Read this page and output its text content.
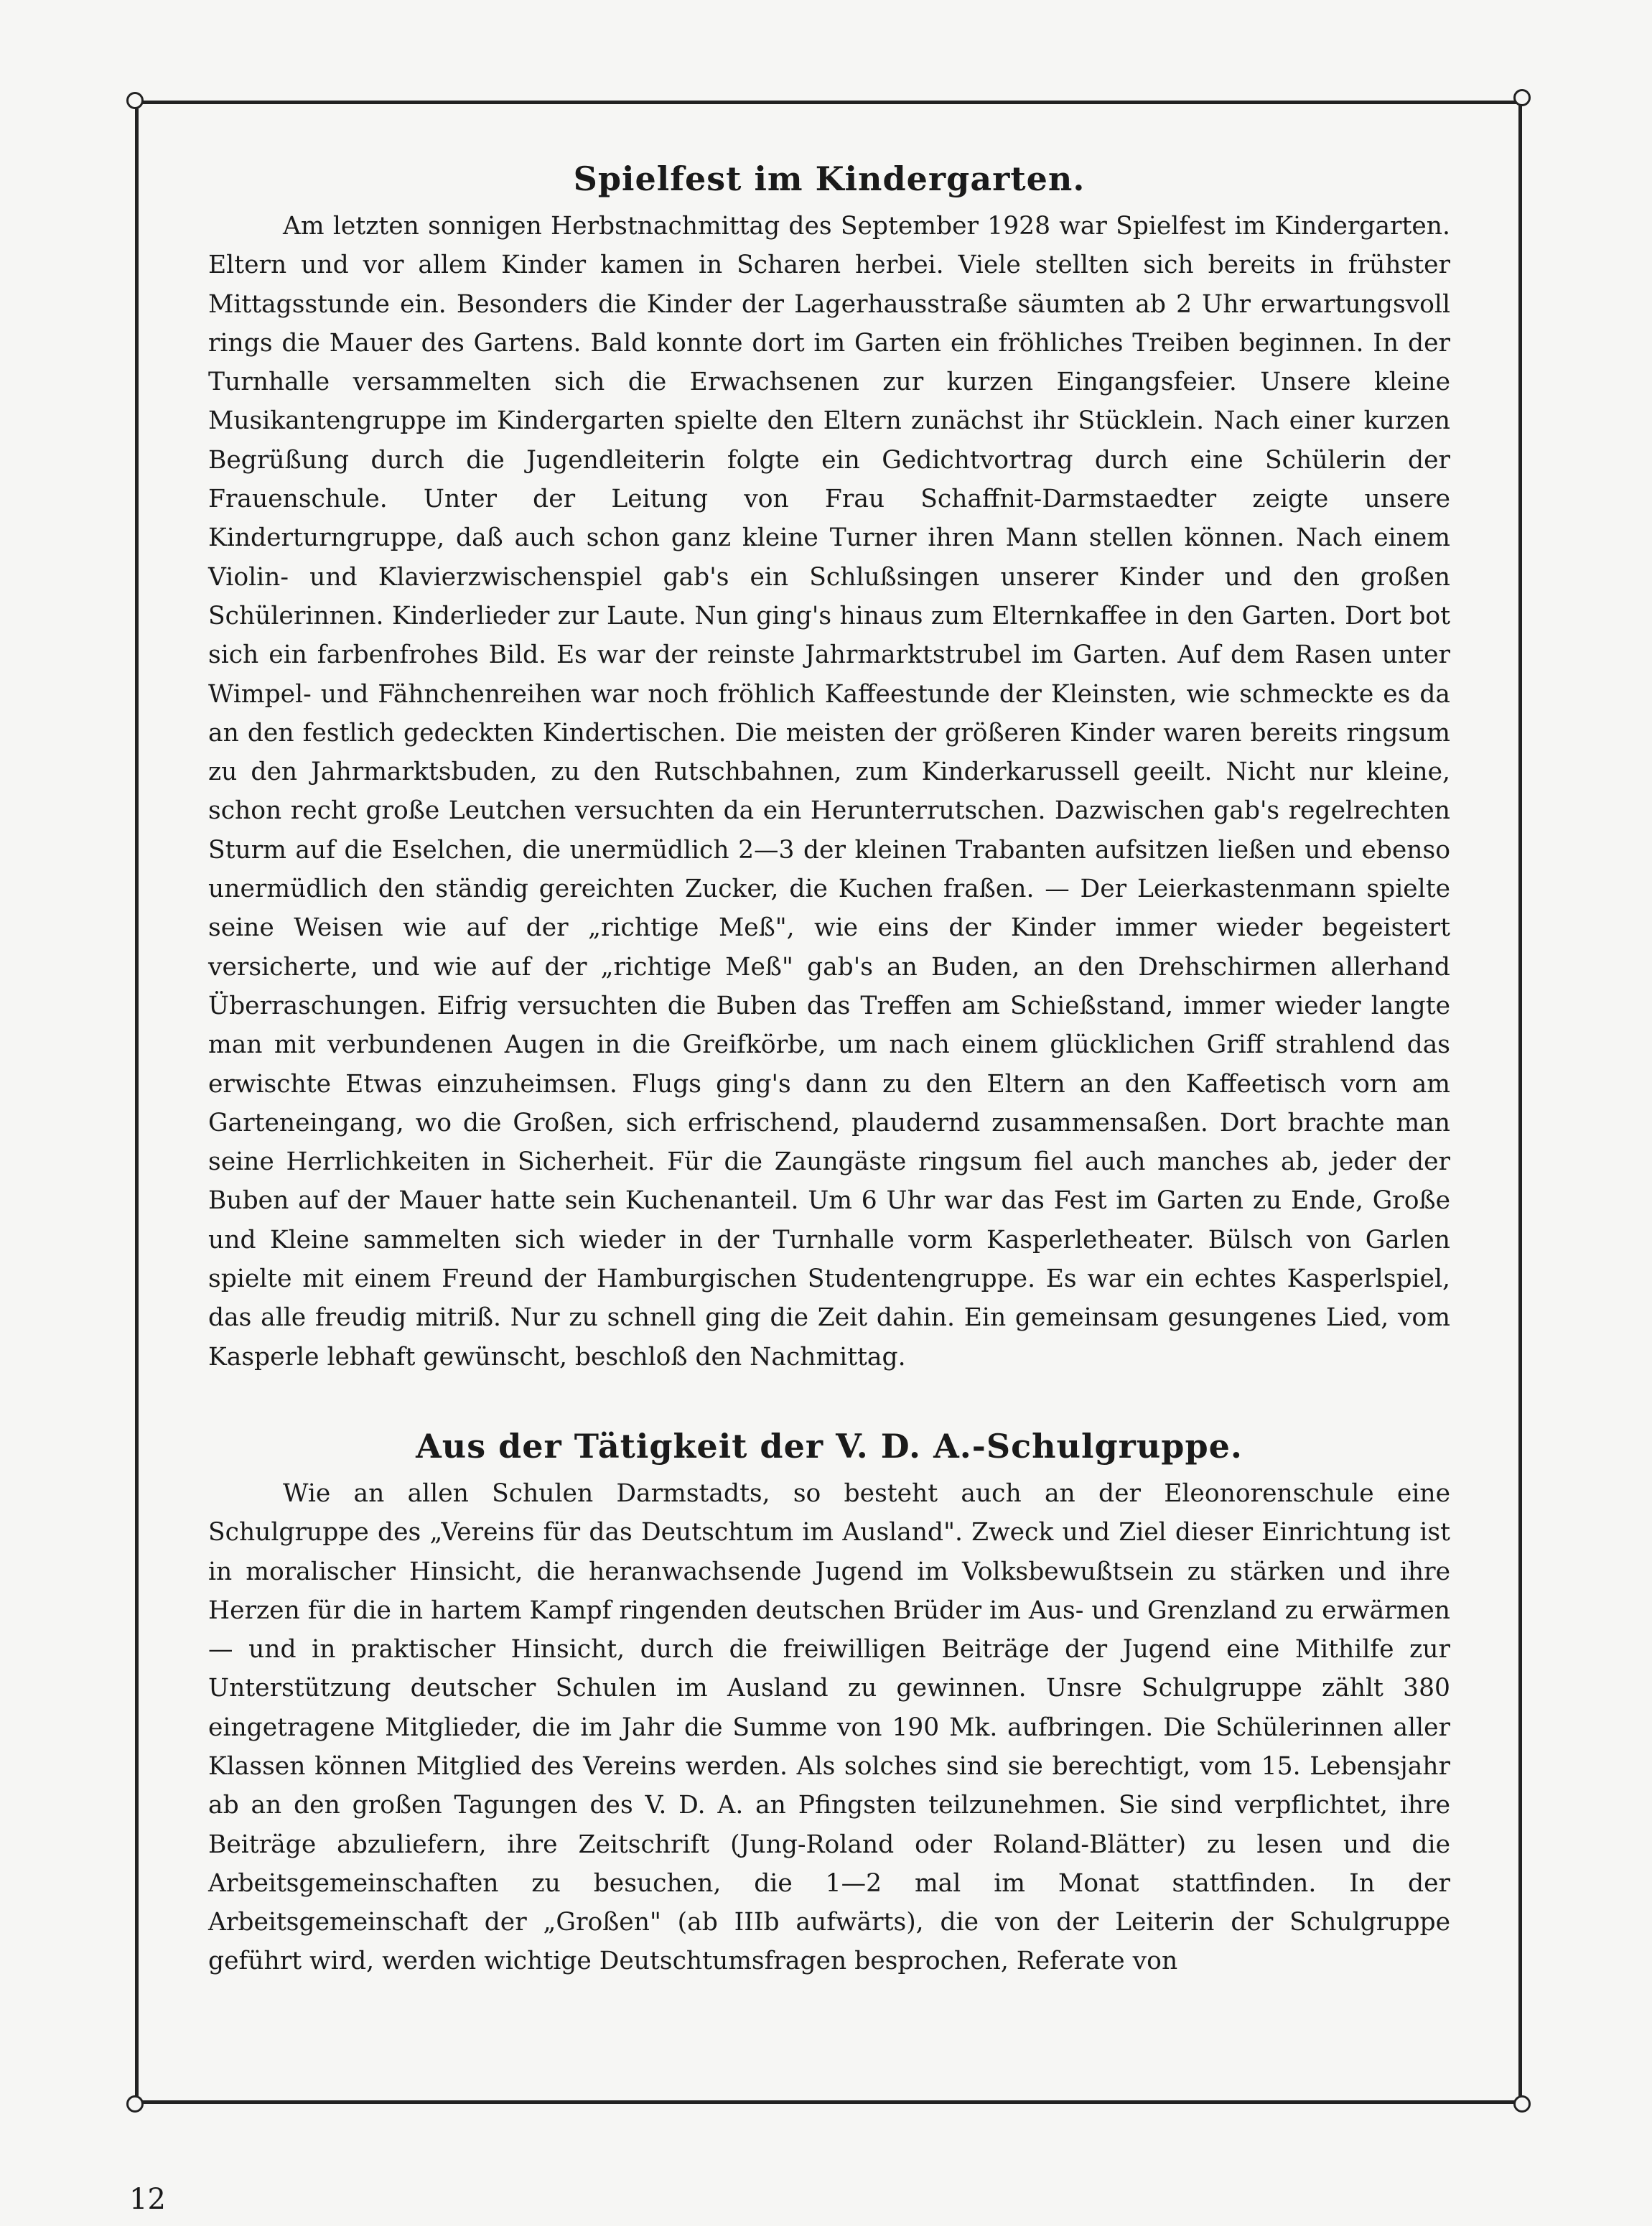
Spielfest im Kindergarten.

Am letzten sonnigen Herbstnachmittag des September 1928 war Spielfest im Kindergarten. Eltern und vor allem Kinder kamen in Scharen herbei. Viele stellten sich bereits in frühster Mittagsstunde ein. Besonders die Kinder der Lagerhausstraße säumten ab 2 Uhr erwartungsvoll rings die Mauer des Gartens. Bald konnte dort im Garten ein fröhliches Treiben beginnen. In der Turnhalle versammelten sich die Erwachsenen zur kurzen Eingangsfeier. Unsere kleine Musikantengruppe im Kindergarten spielte den Eltern zunächst ihr Stücklein. Nach einer kurzen Begrüßung durch die Jugendleiterin folgte ein Gedichtvortrag durch eine Schülerin der Frauenschule. Unter der Leitung von Frau Schaffnit-Darmstaedter zeigte unsere Kinderturngruppe, daß auch schon ganz kleine Turner ihren Mann stellen können. Nach einem Violin- und Klavierzwischenspiel gab's ein Schlußsingen unserer Kinder und den großen Schülerinnen. Kinderlieder zur Laute. Nun ging's hinaus zum Elternkaffee in den Garten. Dort bot sich ein farbenfrohes Bild. Es war der reinste Jahrmarktstrubel im Garten. Auf dem Rasen unter Wimpel- und Fähnchenreihen war noch fröhlich Kaffeestunde der Kleinsten, wie schmeckte es da an den festlich gedeckten Kindertischen. Die meisten der größeren Kinder waren bereits ringsum zu den Jahrmarktsbuden, zu den Rutschbahnen, zum Kinderkarussell geeilt. Nicht nur kleine, schon recht große Leutchen versuchten da ein Herunterrutschen. Dazwischen gab's regelrechten Sturm auf die Eselchen, die unermüdlich 2—3 der kleinen Trabanten aufsitzen ließen und ebenso unermüdlich den ständig gereichten Zucker, die Kuchen fraßen. — Der Leierkastenmann spielte seine Weisen wie auf der „richtige Meß", wie eins der Kinder immer wieder begeistert versicherte, und wie auf der „richtige Meß" gab's an Buden, an den Drehschirmen allerhand Überraschungen. Eifrig versuchten die Buben das Treffen am Schießstand, immer wieder langte man mit verbundenen Augen in die Greifkörbe, um nach einem glücklichen Griff strahlend das erwischte Etwas einzuheimsen. Flugs ging's dann zu den Eltern an den Kaffeetisch vorn am Garteneingang, wo die Großen, sich erfrischend, plaudernd zusammensaßen. Dort brachte man seine Herrlichkeiten in Sicherheit. Für die Zaungäste ringsum fiel auch manches ab, jeder der Buben auf der Mauer hatte sein Kuchenanteil. Um 6 Uhr war das Fest im Garten zu Ende, Große und Kleine sammelten sich wieder in der Turnhalle vorm Kasperletheater. Bülsch von Garlen spielte mit einem Freund der Hamburgischen Studentengruppe. Es war ein echtes Kasperlspiel, das alle freudig mitriß. Nur zu schnell ging die Zeit dahin. Ein gemeinsam gesungenes Lied, vom Kasperle lebhaft gewünscht, beschloß den Nachmittag.

Aus der Tätigkeit der V. D. A.-Schulgruppe.

Wie an allen Schulen Darmstadts, so besteht auch an der Eleonorenschule eine Schulgruppe des „Vereins für das Deutschtum im Ausland". Zweck und Ziel dieser Einrichtung ist in moralischer Hinsicht, die heranwachsende Jugend im Volksbewußtsein zu stärken und ihre Herzen für die in hartem Kampf ringenden deutschen Brüder im Aus- und Grenzland zu erwärmen — und in praktischer Hinsicht, durch die freiwilligen Beiträge der Jugend eine Mithilfe zur Unterstützung deutscher Schulen im Ausland zu gewinnen. Unsre Schulgruppe zählt 380 eingetragene Mitglieder, die im Jahr die Summe von 190 Mk. aufbringen. Die Schülerinnen aller Klassen können Mitglied des Vereins werden. Als solches sind sie berechtigt, vom 15. Lebensjahr ab an den großen Tagungen des V. D. A. an Pfingsten teilzunehmen. Sie sind verpflichtet, ihre Beiträge abzuliefern, ihre Zeitschrift (Jung-Roland oder Roland-Blätter) zu lesen und die Arbeitsgemeinschaften zu besuchen, die 1—2 mal im Monat stattfinden. In der Arbeitsgemeinschaft der „Großen" (ab IIIb aufwärts), die von der Leiterin der Schulgruppe geführt wird, werden wichtige Deutschtumsfragen besprochen, Referate von

12
